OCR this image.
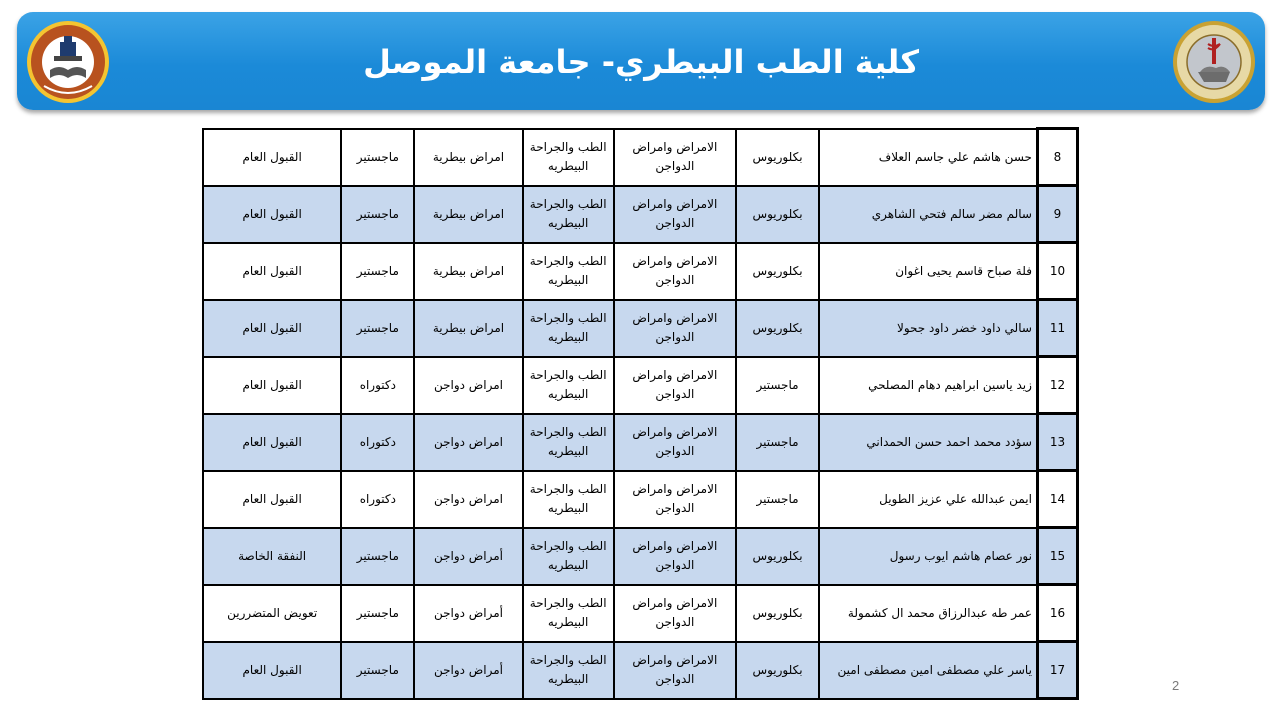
كلية الطب البيطري- جامعة الموصل
8	حسن هاشم علي جاسم العلاف	بكلوريوس	الامراض وامراض الدواجن	الطب والجراحة البيطريه	امراض بيطرية	ماجستير	القبول العام
9	سالم مضر سالم فتحي الشاهري	بكلوريوس	الامراض وامراض الدواجن	الطب والجراحة البيطريه	امراض بيطرية	ماجستير	القبول العام
10	فلة صباح قاسم يحيى اغوان	بكلوريوس	الامراض وامراض الدواجن	الطب والجراحة البيطريه	امراض بيطرية	ماجستير	القبول العام
11	سالي داود خضر داود جحولا	بكلوريوس	الامراض وامراض الدواجن	الطب والجراحة البيطريه	امراض بيطرية	ماجستير	القبول العام
12	زيد ياسين ابراهيم دهام المصلحي	ماجستير	الامراض وامراض الدواجن	الطب والجراحة البيطريه	امراض دواجن	دكتوراه	القبول العام
13	سؤدد محمد احمد حسن الحمداني	ماجستير	الامراض وامراض الدواجن	الطب والجراحة البيطريه	امراض دواجن	دكتوراه	القبول العام
14	ايمن عبدالله علي عزيز الطويل	ماجستير	الامراض وامراض الدواجن	الطب والجراحة البيطريه	امراض دواجن	دكتوراه	القبول العام
15	نور عصام هاشم ايوب رسول	بكلوريوس	الامراض وامراض الدواجن	الطب والجراحة البيطريه	أمراض دواجن	ماجستير	النفقة الخاصة
16	عمر طه عبدالرزاق محمد ال كشمولة	بكلوريوس	الامراض وامراض الدواجن	الطب والجراحة البيطريه	أمراض دواجن	ماجستير	تعويض المتضررين
17	ياسر علي مصطفى امين مصطفى امين	بكلوريوس	الامراض وامراض الدواجن	الطب والجراحة البيطريه	أمراض دواجن	ماجستير	القبول العام
2
